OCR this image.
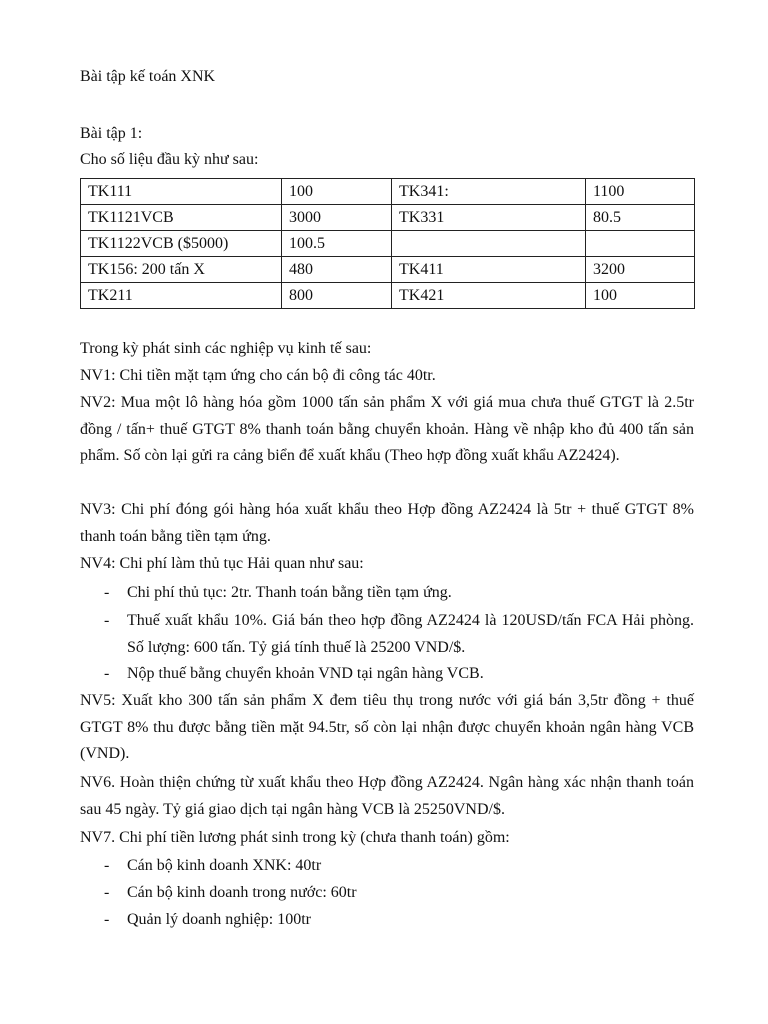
Bài tập kế toán XNK
Bài tập 1:
Cho số liệu đầu kỳ như sau:
TK111	100	TK341:	1100
TK1121VCB	3000	TK331	80.5
TK1122VCB ($5000)	100.5		
TK156: 200 tấn X	480	TK411	3200
TK211	800	TK421	100
Trong kỳ phát sinh các nghiệp vụ kinh tế sau:
NV1: Chi tiền mặt tạm ứng cho cán bộ đi công tác 40tr.
NV2: Mua một lô hàng hóa gồm 1000 tấn sản phẩm X với giá mua chưa thuế GTGT là 2.5tr đồng / tấn+ thuế GTGT 8% thanh toán bằng chuyển khoản. Hàng về nhập kho đủ 400 tấn sản phẩm. Số còn lại gửi ra cảng biển để xuất khẩu (Theo hợp đồng xuất khẩu AZ2424).
NV3: Chi phí đóng gói hàng hóa xuất khẩu theo Hợp đồng AZ2424 là 5tr + thuế GTGT 8% thanh toán bằng tiền tạm ứng.
NV4: Chi phí làm thủ tục Hải quan như sau:
- Chi phí thủ tục: 2tr. Thanh toán bằng tiền tạm ứng.
- Thuế xuất khẩu 10%. Giá bán theo hợp đồng AZ2424 là 120USD/tấn FCA Hải phòng. Số lượng: 600 tấn. Tỷ giá tính thuế là 25200 VND/$.
- Nộp thuế bằng chuyển khoản VND tại ngân hàng VCB.
NV5: Xuất kho 300 tấn sản phẩm X đem tiêu thụ trong nước với giá bán 3,5tr đồng + thuế GTGT 8% thu được bằng tiền mặt 94.5tr, số còn lại nhận được chuyển khoản ngân hàng VCB (VND).
NV6. Hoàn thiện chứng từ xuất khẩu theo Hợp đồng AZ2424. Ngân hàng xác nhận thanh toán sau 45 ngày. Tỷ giá giao dịch tại ngân hàng VCB là 25250VND/$.
NV7. Chi phí tiền lương phát sinh trong kỳ (chưa thanh toán) gồm:
- Cán bộ kinh doanh XNK: 40tr
- Cán bộ kinh doanh trong nước: 60tr
- Quản lý doanh nghiệp: 100tr
